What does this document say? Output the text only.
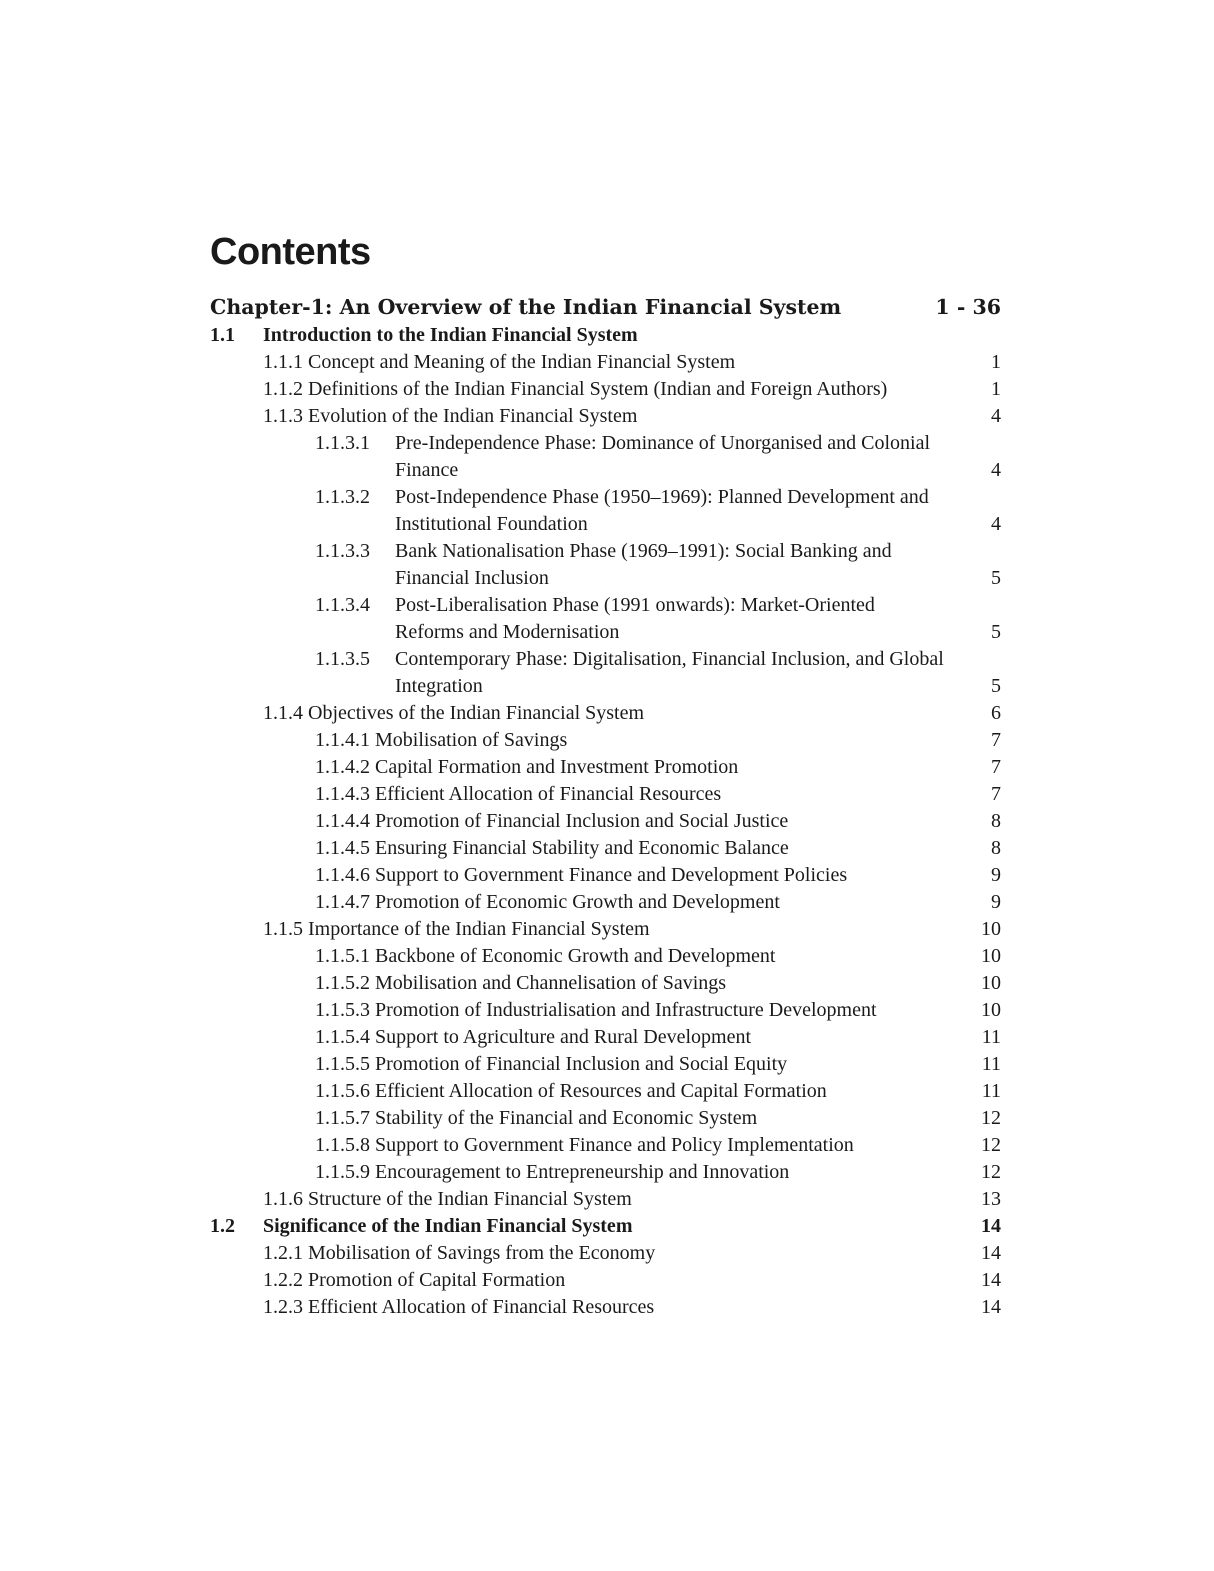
Contents
Chapter-1: An Overview of the Indian Financial System	1 - 36
1.1 Introduction to the Indian Financial System
1.1.1 Concept and Meaning of the Indian Financial System	1
1.1.2 Definitions of the Indian Financial System (Indian and Foreign Authors)	1
1.1.3 Evolution of the Indian Financial System	4
1.1.3.1 Pre-Independence Phase: Dominance of Unorganised and Colonial
Finance	4
1.1.3.2 Post-Independence Phase (1950–1969): Planned Development and
Institutional Foundation	4
1.1.3.3 Bank Nationalisation Phase (1969–1991): Social Banking and
Financial Inclusion	5
1.1.3.4 Post-Liberalisation Phase (1991 onwards): Market-Oriented
Reforms and Modernisation	5
1.1.3.5 Contemporary Phase: Digitalisation, Financial Inclusion, and Global
Integration	5
1.1.4 Objectives of the Indian Financial System	6
1.1.4.1 Mobilisation of Savings	7
1.1.4.2 Capital Formation and Investment Promotion	7
1.1.4.3 Efficient Allocation of Financial Resources	7
1.1.4.4 Promotion of Financial Inclusion and Social Justice	8
1.1.4.5 Ensuring Financial Stability and Economic Balance	8
1.1.4.6 Support to Government Finance and Development Policies	9
1.1.4.7 Promotion of Economic Growth and Development	9
1.1.5 Importance of the Indian Financial System	10
1.1.5.1 Backbone of Economic Growth and Development	10
1.1.5.2 Mobilisation and Channelisation of Savings	10
1.1.5.3 Promotion of Industrialisation and Infrastructure Development	10
1.1.5.4 Support to Agriculture and Rural Development	11
1.1.5.5 Promotion of Financial Inclusion and Social Equity	11
1.1.5.6 Efficient Allocation of Resources and Capital Formation	11
1.1.5.7 Stability of the Financial and Economic System	12
1.1.5.8 Support to Government Finance and Policy Implementation	12
1.1.5.9 Encouragement to Entrepreneurship and Innovation	12
1.1.6 Structure of the Indian Financial System	13
1.2 Significance of the Indian Financial System	14
1.2.1 Mobilisation of Savings from the Economy	14
1.2.2 Promotion of Capital Formation	14
1.2.3 Efficient Allocation of Financial Resources	14
